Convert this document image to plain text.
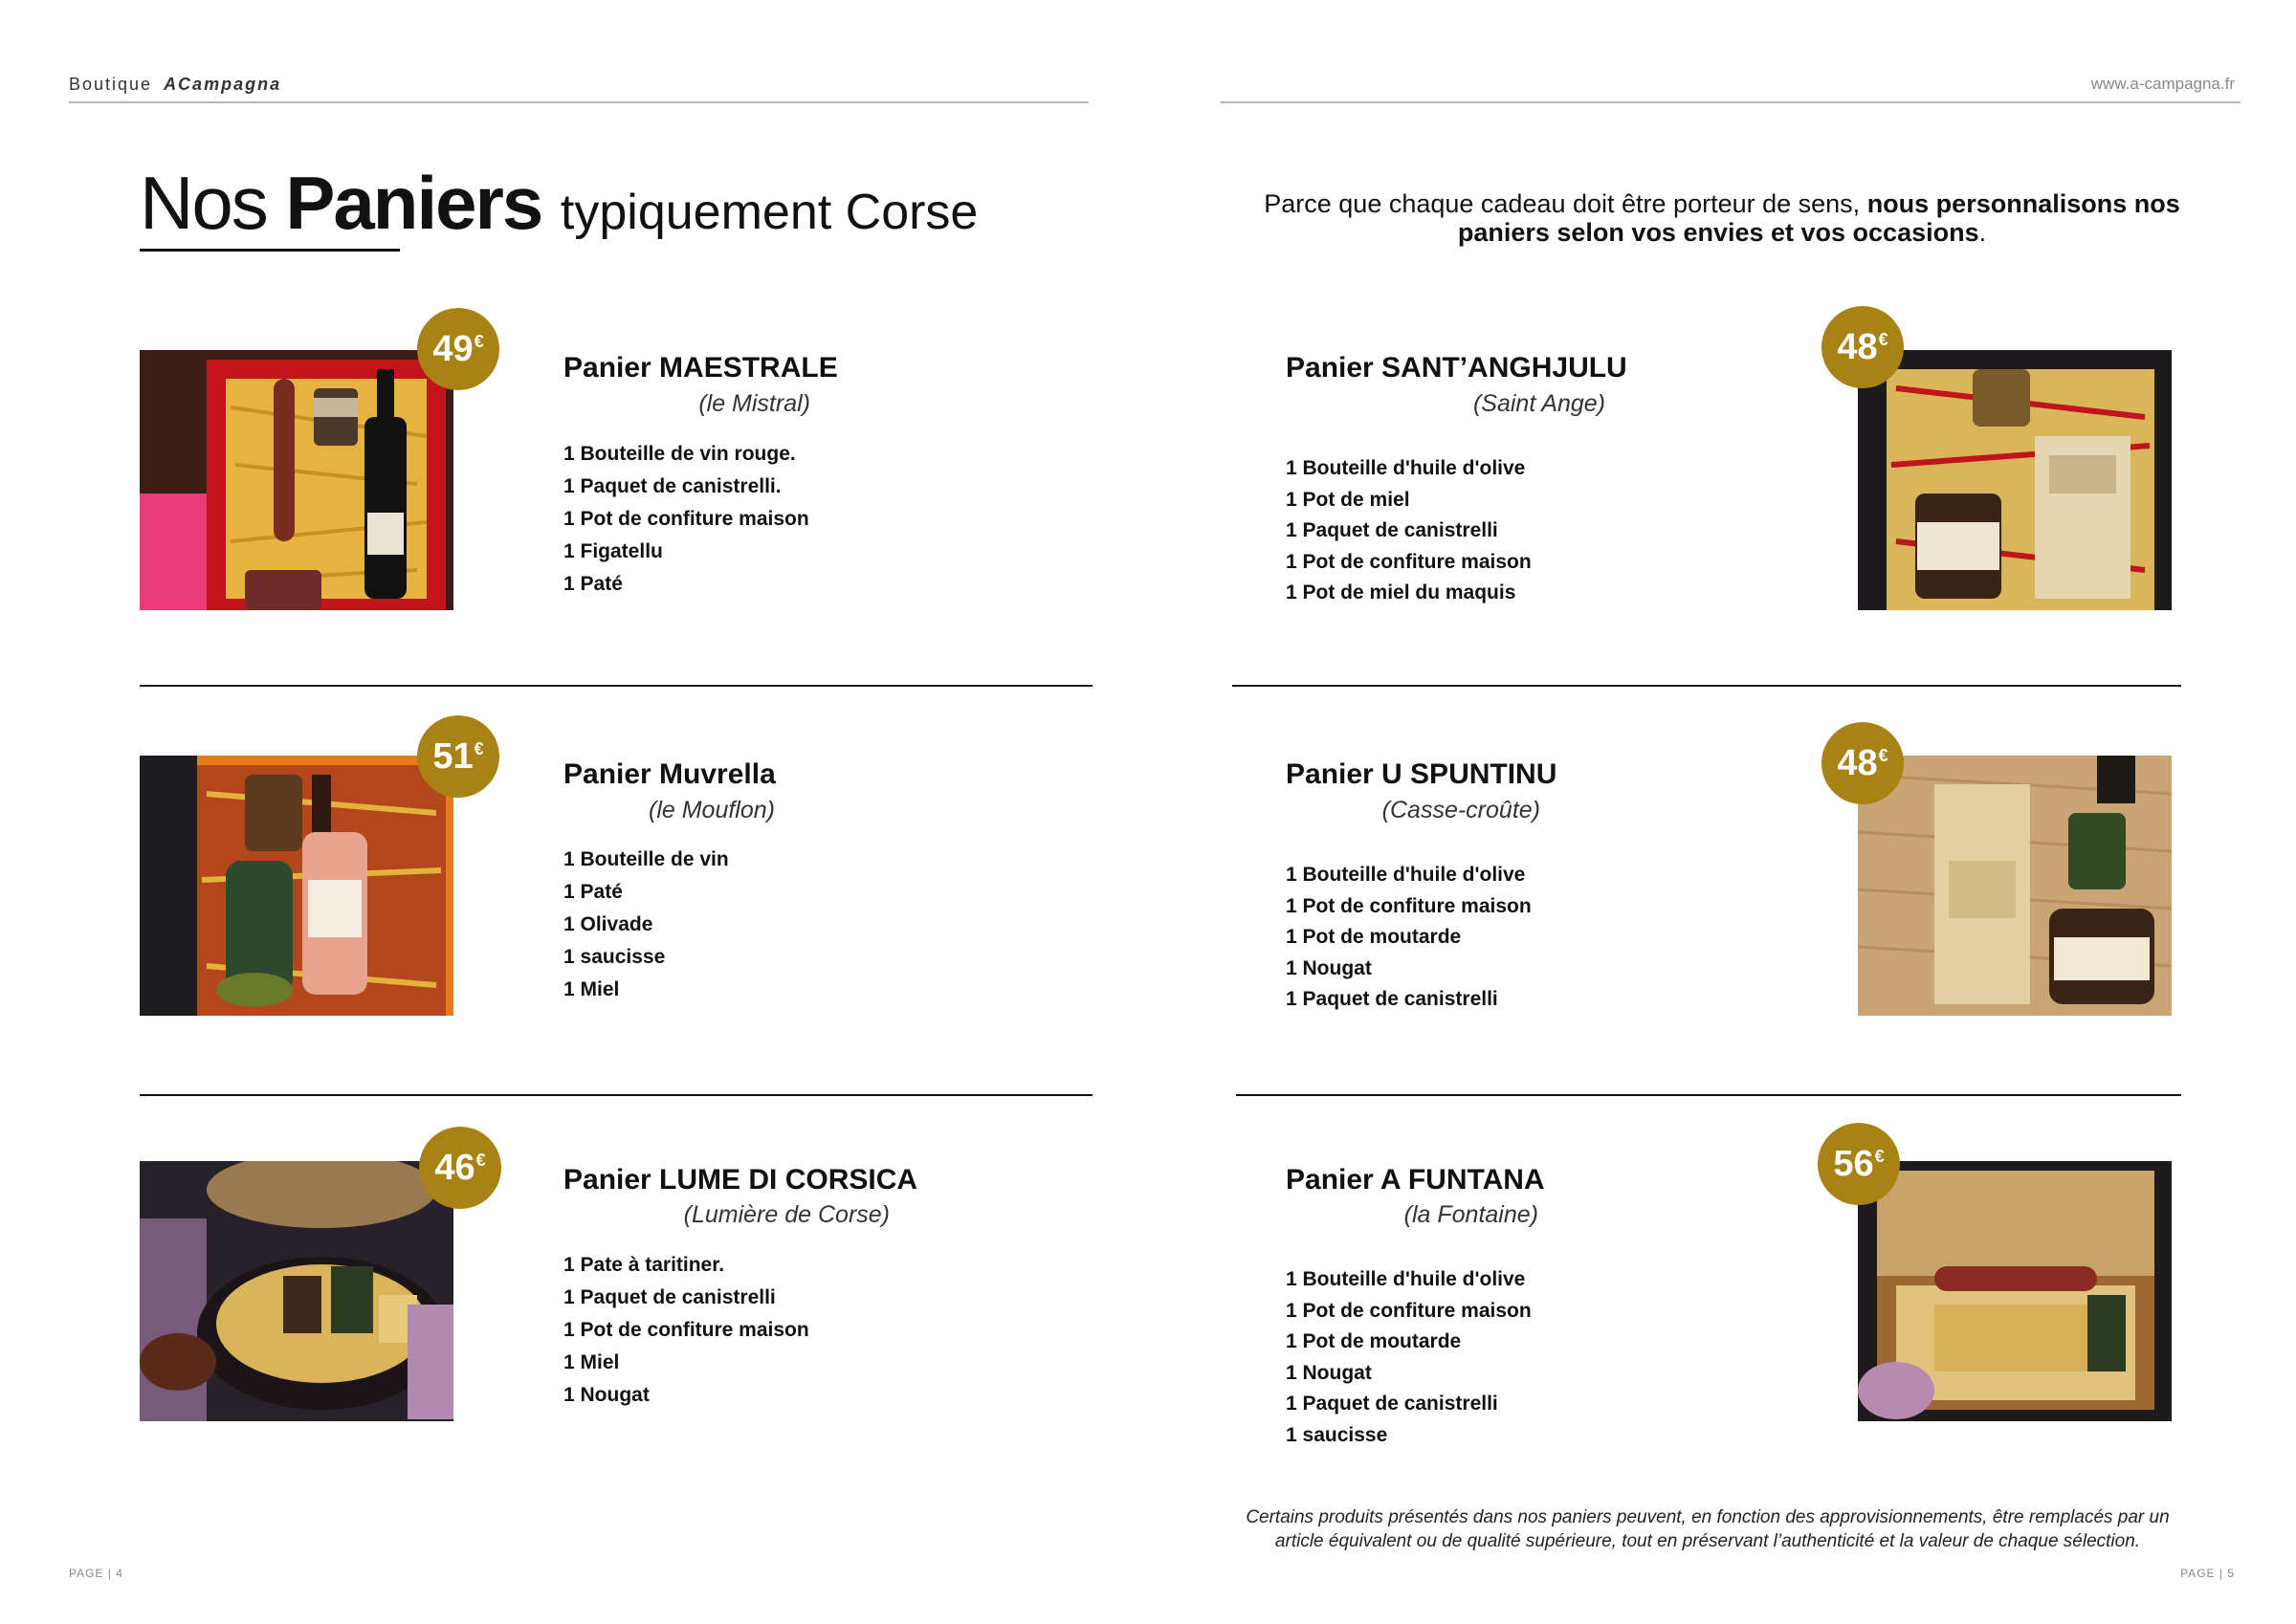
Boutique ACampagna	www.a-campagna.fr
Nos Paniers typiquement Corse	Parce que chaque cadeau doit être porteur de sens, nous personnalisons nos paniers selon vos envies et vos occasions.
49€
Panier MAESTRALE
(le Mistral)
1 Bouteille de vin rouge.
1 Paquet de canistrelli.
1 Pot de confiture maison
1 Figatellu
1 Paté
Panier SANT’ANGHJULU
(Saint Ange)
1 Bouteille d'huile d'olive
1 Pot de miel
1 Paquet de canistrelli
1 Pot de confiture maison
1 Pot de miel du maquis
48€
51€
Panier Muvrella
(le Mouflon)
1 Bouteille de vin
1 Paté
1 Olivade
1 saucisse
1 Miel
Panier U SPUNTINU
(Casse-croûte)
1 Bouteille d'huile d'olive
1 Pot de confiture maison
1 Pot de moutarde
1 Nougat
1 Paquet de canistrelli
48€
46€
Panier LUME DI CORSICA
(Lumière de Corse)
1 Pate à taritiner.
1 Paquet de canistrelli
1 Pot de confiture maison
1 Miel
1 Nougat
Panier A FUNTANA
(la Fontaine)
1 Bouteille d'huile d'olive
1 Pot de confiture maison
1 Pot de moutarde
1 Nougat
1 Paquet de canistrelli
1 saucisse
56€
Certains produits présentés dans nos paniers peuvent, en fonction des approvisionnements, être remplacés par un article équivalent ou de qualité supérieure, tout en préservant l’authenticité et la valeur de chaque sélection.
PAGE | 4	PAGE | 5
